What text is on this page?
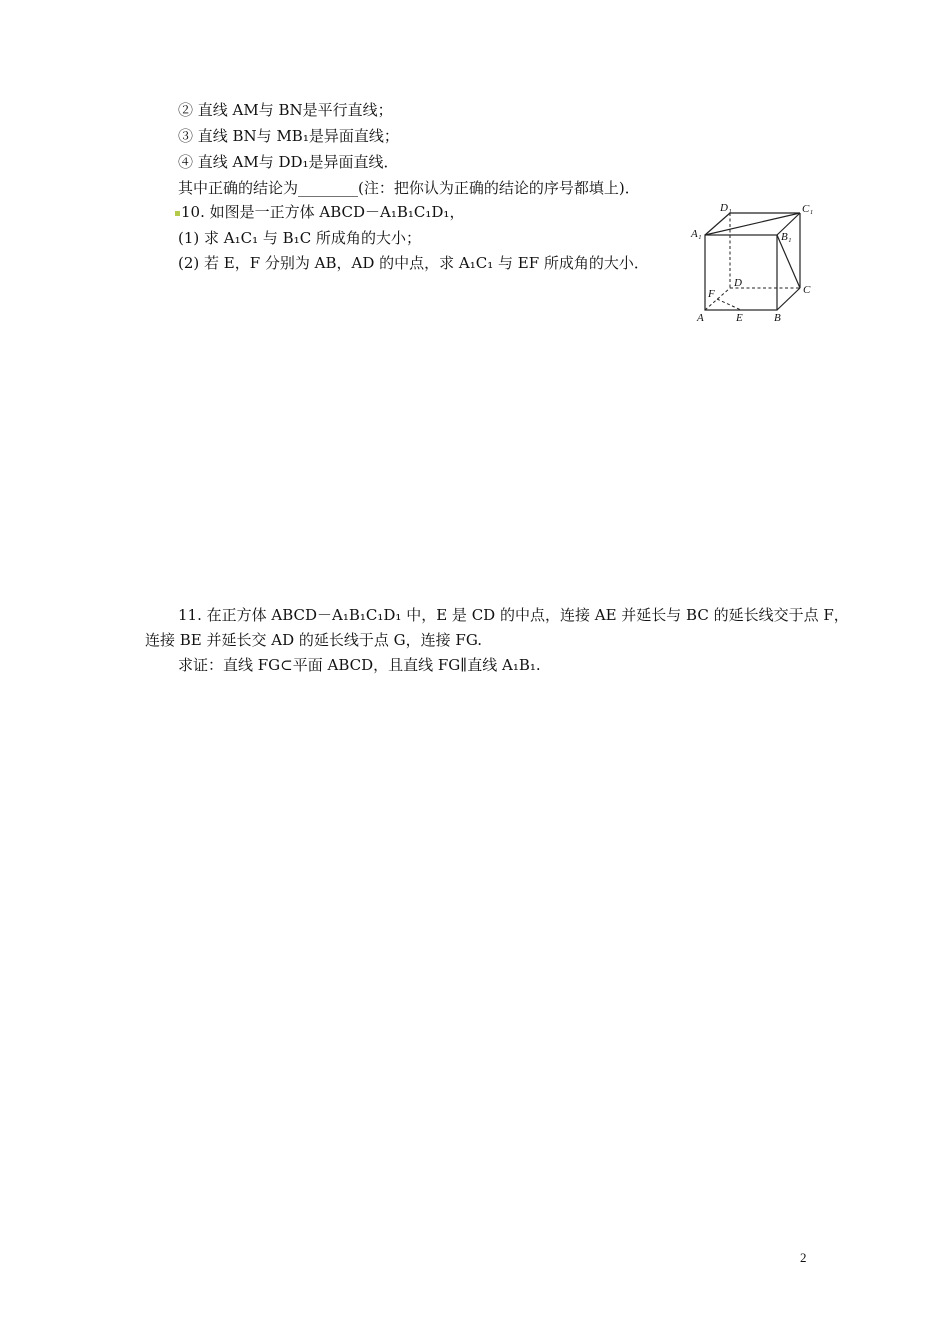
② 直线 AM与 BN是平行直线；
③ 直线 BN与 MB₁是异面直线；
④ 直线 AM与 DD₁是异面直线．
其中正确的结论为________(注：把你认为正确的结论的序号都填上)．
10. 如图是一正方体 ABCD－A₁B₁C₁D₁，
(1) 求 A₁C₁ 与 B₁C 所成角的大小；
(2) 若 E，F 分别为 AB，AD 的中点，求 A₁C₁ 与 EF 所成角的大小．
D₁	C₁
A₁	B₁
D
F	C
A	E	B
11. 在正方体 ABCD－A₁B₁C₁D₁ 中，E 是 CD 的中点，连接 AE 并延长与 BC 的延长线交于点 F，
连接 BE 并延长交 AD 的延长线于点 G，连接 FG.
求证：直线 FG⊂平面 ABCD，且直线 FG∥直线 A₁B₁.
2
